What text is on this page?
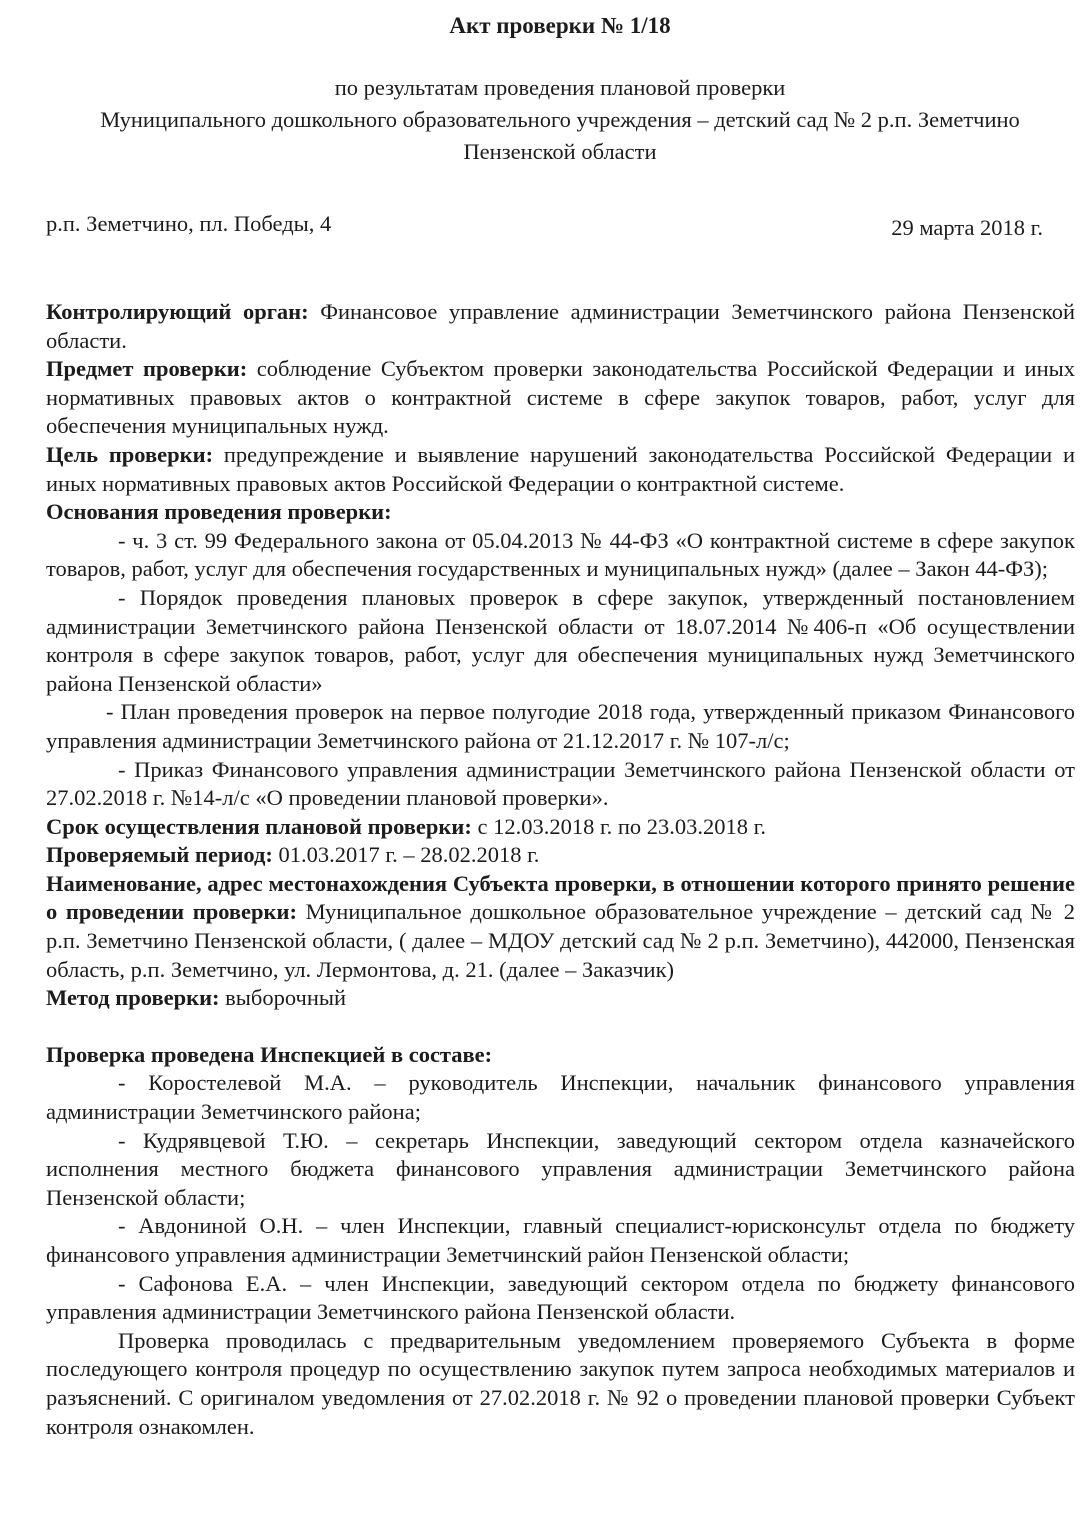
Акт проверки № 1/18
по результатам проведения плановой проверки
Муниципального дошкольного образовательного учреждения – детский сад № 2 р.п. Земетчино
Пензенской области
р.п. Земетчино, пл. Победы, 4	29 марта 2018 г.

Контролирующий орган: Финансовое управление администрации Земетчинского района Пензенской области.

Предмет проверки: соблюдение Субъектом проверки законодательства Российской Федерации и иных нормативных правовых актов о контрактной системе в сфере закупок товаров, работ, услуг для обеспечения муниципальных нужд.

Цель проверки: предупреждение и выявление нарушений законодательства Российской Федерации и иных нормативных правовых актов Российской Федерации о контрактной системе.

Основания проведения проверки:

- ч. 3 ст. 99 Федерального закона от 05.04.2013 № 44-ФЗ «О контрактной системе в сфере закупок товаров, работ, услуг для обеспечения государственных и муниципальных нужд» (далее – Закон 44-ФЗ);

- Порядок проведения плановых проверок в сфере закупок, утвержденный постановлением администрации Земетчинского района Пензенской области от 18.07.2014 №406-п «Об осуществлении контроля в сфере закупок товаров, работ, услуг для обеспечения муниципальных нужд Земетчинского района Пензенской области»

- План проведения проверок на первое полугодие 2018 года, утвержденный приказом Финансового управления администрации Земетчинского района от 21.12.2017 г. № 107-л/с;

- Приказ Финансового управления администрации Земетчинского района Пензенской области от 27.02.2018 г. №14-л/с «О проведении плановой проверки».

Срок осуществления плановой проверки: с 12.03.2018 г. по 23.03.2018 г.

Проверяемый период: 01.03.2017 г. – 28.02.2018 г.

Наименование, адрес местонахождения Субъекта проверки, в отношении которого принято решение о проведении проверки: Муниципальное дошкольное образовательное учреждение – детский сад № 2 р.п. Земетчино Пензенской области, ( далее – МДОУ детский сад № 2 р.п. Земетчино), 442000, Пензенская область, р.п. Земетчино, ул. Лермонтова, д. 21. (далее – Заказчик)

Метод проверки: выборочный

Проверка проведена Инспекцией в составе:

- Коростелевой М.А. – руководитель Инспекции, начальник финансового управления администрации Земетчинского района;

- Кудрявцевой Т.Ю. – секретарь Инспекции, заведующий сектором отдела казначейского исполнения местного бюджета финансового управления администрации Земетчинского района Пензенской области;

- Авдониной О.Н. – член Инспекции, главный специалист-юрисконсульт отдела по бюджету финансового управления администрации Земетчинский район Пензенской области;

- Сафонова Е.А. – член Инспекции, заведующий сектором отдела по бюджету финансового управления администрации Земетчинского района Пензенской области.

Проверка проводилась с предварительным уведомлением проверяемого Субъекта в форме последующего контроля процедур по осуществлению закупок путем запроса необходимых материалов и разъяснений. С оригиналом уведомления от 27.02.2018 г. № 92 о проведении плановой проверки Субъект контроля ознакомлен.
